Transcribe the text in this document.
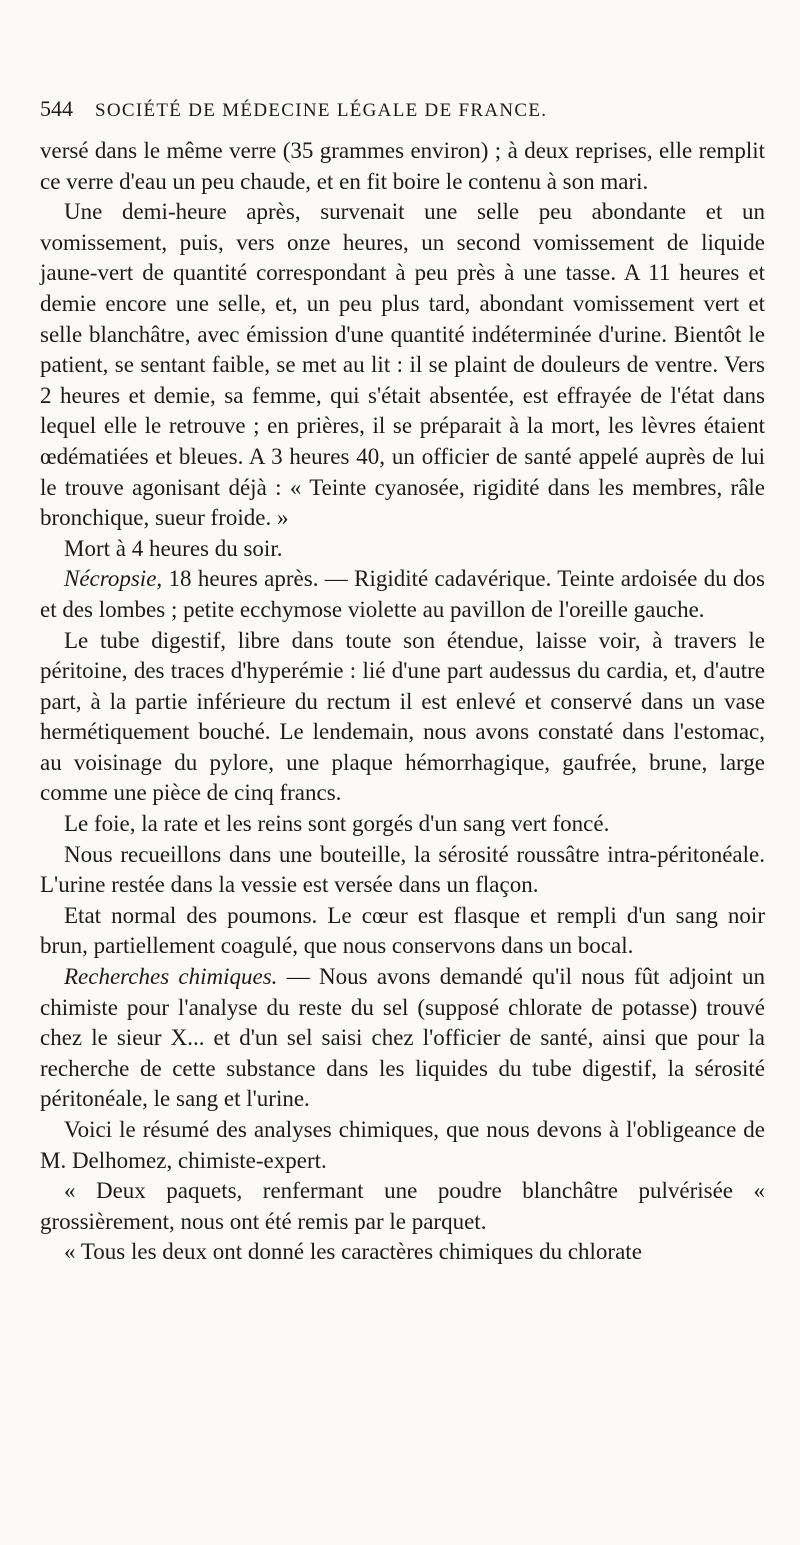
544 SOCIÉTÉ DE MÉDECINE LÉGALE DE FRANCE.

versé dans le même verre (35 grammes environ) ; à deux reprises, elle remplit ce verre d'eau un peu chaude, et en fit boire le contenu à son mari.

Une demi-heure après, survenait une selle peu abondante et un vomissement, puis, vers onze heures, un second vomissement de liquide jaune-vert de quantité correspondant à peu près à une tasse. A 11 heures et demie encore une selle, et, un peu plus tard, abondant vomissement vert et selle blanchâtre, avec émission d'une quantité indéterminée d'urine. Bientôt le patient, se sentant faible, se met au lit : il se plaint de douleurs de ventre. Vers 2 heures et demie, sa femme, qui s'était absentée, est effrayée de l'état dans lequel elle le retrouve ; en prières, il se préparait à la mort, les lèvres étaient œdématiées et bleues. A 3 heures 40, un officier de santé appelé auprès de lui le trouve agonisant déjà : « Teinte cyanosée, rigidité dans les membres, râle bronchique, sueur froide. »

Mort à 4 heures du soir.

Nécropsie, 18 heures après. — Rigidité cadavérique. Teinte ardoisée du dos et des lombes ; petite ecchymose violette au pavillon de l'oreille gauche.

Le tube digestif, libre dans toute son étendue, laisse voir, à travers le péritoine, des traces d'hyperémie : lié d'une part audessus du cardia, et, d'autre part, à la partie inférieure du rectum il est enlevé et conservé dans un vase hermétiquement bouché. Le lendemain, nous avons constaté dans l'estomac, au voisinage du pylore, une plaque hémorrhagique, gaufrée, brune, large comme une pièce de cinq francs.

Le foie, la rate et les reins sont gorgés d'un sang vert foncé.

Nous recueillons dans une bouteille, la sérosité roussâtre intra-péritonéale. L'urine restée dans la vessie est versée dans un flaçon.

Etat normal des poumons. Le cœur est flasque et rempli d'un sang noir brun, partiellement coagulé, que nous conservons dans un bocal.

Recherches chimiques. — Nous avons demandé qu'il nous fût adjoint un chimiste pour l'analyse du reste du sel (supposé chlorate de potasse) trouvé chez le sieur X... et d'un sel saisi chez l'officier de santé, ainsi que pour la recherche de cette substance dans les liquides du tube digestif, la sérosité péritonéale, le sang et l'urine.

Voici le résumé des analyses chimiques, que nous devons à l'obligeance de M. Delhomez, chimiste-expert.

« Deux paquets, renfermant une poudre blanchâtre pulvérisée « grossièrement, nous ont été remis par le parquet.

« Tous les deux ont donné les caractères chimiques du chlorate
